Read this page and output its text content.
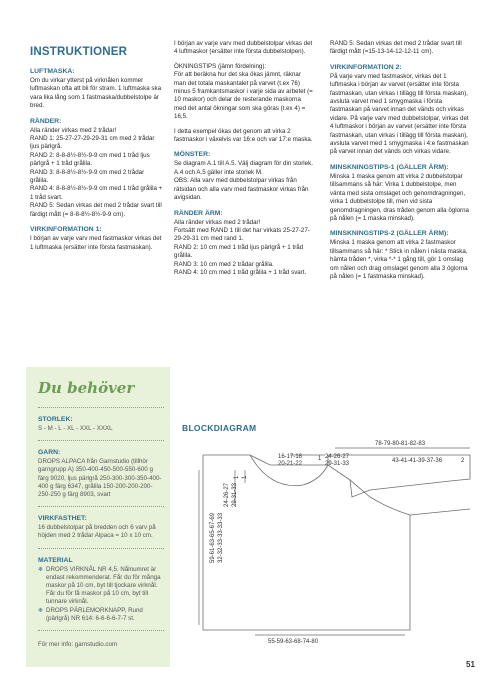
INSTRUKTIONER
LUFTMASKA:

Om du virkar ytterst på virknålen kommer luftmaskan ofta att bli för stram. 1 luftmaska ska vara lika lång som 1 fastmaska/dubbelstolpe är bred.

RÄNDER:

Alla ränder virkas med 2 trådar!

RAND 1: 25-27-27-29-29-31 cm med 2 trådar ljus pärlgrå.

RAND 2: 8-8-8½-8½-9-9 cm med 1 tråd ljus pärlgrå + 1 tråd grålila.

RAND 3: 8-8-8½-8½-9-9 cm med 2 trådar grålila.

RAND 4: 8-8-8½-8½-9-9 cm med 1 tråd grålila + 1 tråd svart.

RAND 5: Sedan virkas det med 2 trådar svart till färdigt mått (= 8-8-8½-8½-9-9 cm).

VIRKINFORMATION 1:

I början av varje varv med fastmaskor virkas det 1 luftmaska (ersätter inte första fastmaskan).

Du behöver
STORLEK:

S - M - L - XL - XXL - XXXL

GARN:

DROPS ALPACA från Garnstudio (tillhör garngrupp A) 350-400-450-500-550-600 g färg 9020, ljus pärlgrå 250-300-300-350-400-400 g färg 6347, grålila 150-200-200-200-250-250 g färg 8903, svart

VIRKFASTHET:

16 dubbelstolpar på bredden och 6 varv på höjden med 2 trådar Alpaca = 10 x 10 cm.

MATERIAL
❄ DROPS VIRKNÅL NR 4,5. Nålnumret är endast rekommenderat. Får du för många maskor på 10 cm, byt till tjockare virknål. Får du för få maskor på 10 cm, byt till tunnare virknål.
❄ DROPS PÄRLEMORKNAPP, Rund (pärlgrå) NR 614: 6-6-6-6-7-7 st.
För mer info: garnstudio.com

I början av varje varv med dubbelstolpar virkas det 4 luftmaskor (ersätter inte första dubbelstolpen).

ÖKNINGSTIPS (jämn fördelning):

För att beräkna hur det ska ökas jämnt, räknar man det totala maskantalet på varvet (t.ex 76) minus 5 framkantsmaskor i varje sida av arbetet (= 10 maskor) och delar de resterande maskorna med det antal ökningar som ska göras (t.ex 4) = 16,5.

I detta exempel ökas det genom att virka 2 fastmaskor i växelvis var 16:e och var 17:e maska.

MÖNSTER:

Se diagram A.1 till A.5. Välj diagram för din storlek.

A.4 och A.5 gäller inte storlek M.

OBS: Alla varv med dubbelstolpar virkas från rätsidan och alla varv med fastmaskor virkas från avigsidan.

RÄNDER ÄRM:

Alla ränder virkas med 2 trådar!

Fortsätt med RAND 1 till det har virkats 25-27-27-29-29-31 cm med rand 1.

RAND 2: 10 cm med 1 tråd ljus pärlgrå + 1 tråd grålila.

RAND 3: 10 cm med 2 trådar grålila.

RAND 4: 10 cm med 1 tråd grålila + 1 tråd svart.

RAND 5: Sedan virkas det med 2 trådar svart till färdigt mått (=15-13-14-12-12-11 cm).

VIRKINFORMATION 2:

På varje varv med fastmaskor, virkas det 1 luftmaska i början av varvet (ersätter inte första fastmaskan, utan virkas i tillägg till första maskan), avsluta varvet med 1 smygmaska i första fastmaskan på varvet innan det vänds och virkas vidare. På varje varv med dubbelstolpar, virkas det 4 luftmaskor i början av varvet (ersätter inte första fastmaskan, utan virkas i tillägg till första maskan), avsluta varvet med 1 smygmaska i 4:e fastmaskan på varvet innan det vänds och virkas vidare.

MINSKNINGSTIPS-1 (GÄLLER ÄRM):

Minska 1 maska genom att virka 2 dubbelstolpar tillsammans så här: Virka 1 dubbelstolpe, men vänta med sista omslaget och genomdragningen, virka 1 dubbelstolpe till, men vid sista genomdragningen, dras tråden genom alla öglorna på nålen (= 1 maska minskad).

MINSKNINGSTIPS-2 (GÄLLER ÄRM):

Minska 1 maska genom att virka 2 fastmaskor tillsammans så här: * Stick in nålen i nästa maska, hämta tråden *, virka *-* 1 gång till, gör 1 omslag om nålen och drag omslaget genom alla 3 öglorna på nålen (= 1 fastmaska minskad).

BLOCKDIAGRAM
78-79-80-81-82-83
43-41-41-39-37-36	2
16-17-18
20-21-22
1 24-26-27
29-31-33
59-61-63-65-67-69 32-32-33-33-33-33
24-26-27 29-31-33
1 1
55-59-63-68-74-80
51
